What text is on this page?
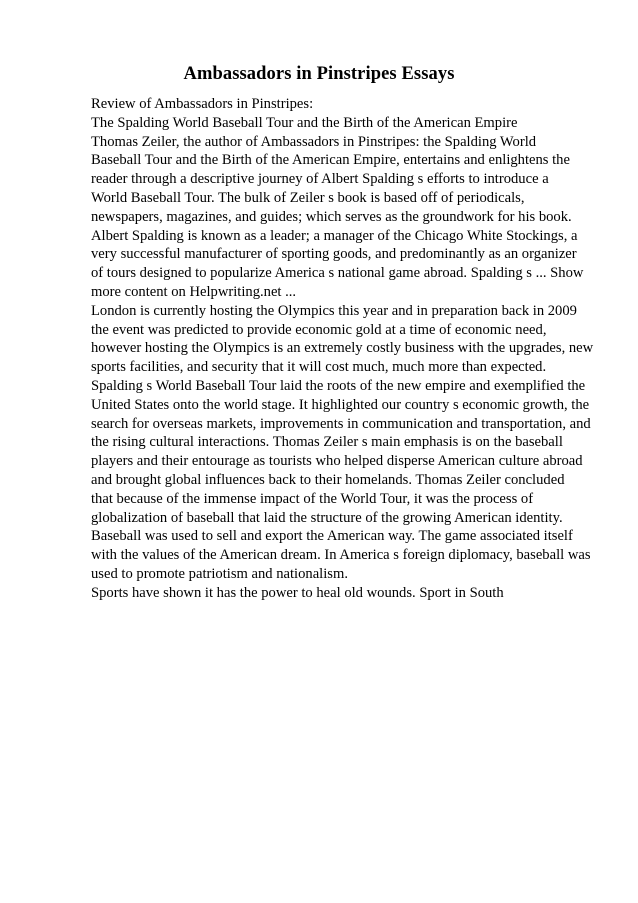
Ambassadors in Pinstripes Essays
Review of Ambassadors in Pinstripes:
The Spalding World Baseball Tour and the Birth of the American Empire
Thomas Zeiler, the author of Ambassadors in Pinstripes: the Spalding World
Baseball Tour and the Birth of the American Empire, entertains and enlightens the
reader through a descriptive journey of Albert Spalding s efforts to introduce a
World Baseball Tour. The bulk of Zeiler s book is based off of periodicals,
newspapers, magazines, and guides; which serves as the groundwork for his book.
Albert Spalding is known as a leader; a manager of the Chicago White Stockings, a
very successful manufacturer of sporting goods, and predominantly as an organizer
of tours designed to popularize America s national game abroad. Spalding s ... Show
more content on Helpwriting.net ...
London is currently hosting the Olympics this year and in preparation back in 2009
the event was predicted to provide economic gold at a time of economic need,
however hosting the Olympics is an extremely costly business with the upgrades, new
sports facilities, and security that it will cost much, much more than expected.
Spalding s World Baseball Tour laid the roots of the new empire and exemplified the
United States onto the world stage. It highlighted our country s economic growth, the
search for overseas markets, improvements in communication and transportation, and
the rising cultural interactions. Thomas Zeiler s main emphasis is on the baseball
players and their entourage as tourists who helped disperse American culture abroad
and brought global influences back to their homelands. Thomas Zeiler concluded
that because of the immense impact of the World Tour, it was the process of
globalization of baseball that laid the structure of the growing American identity.
Baseball was used to sell and export the American way. The game associated itself
with the values of the American dream. In America s foreign diplomacy, baseball was
used to promote patriotism and nationalism.
Sports have shown it has the power to heal old wounds. Sport in South
